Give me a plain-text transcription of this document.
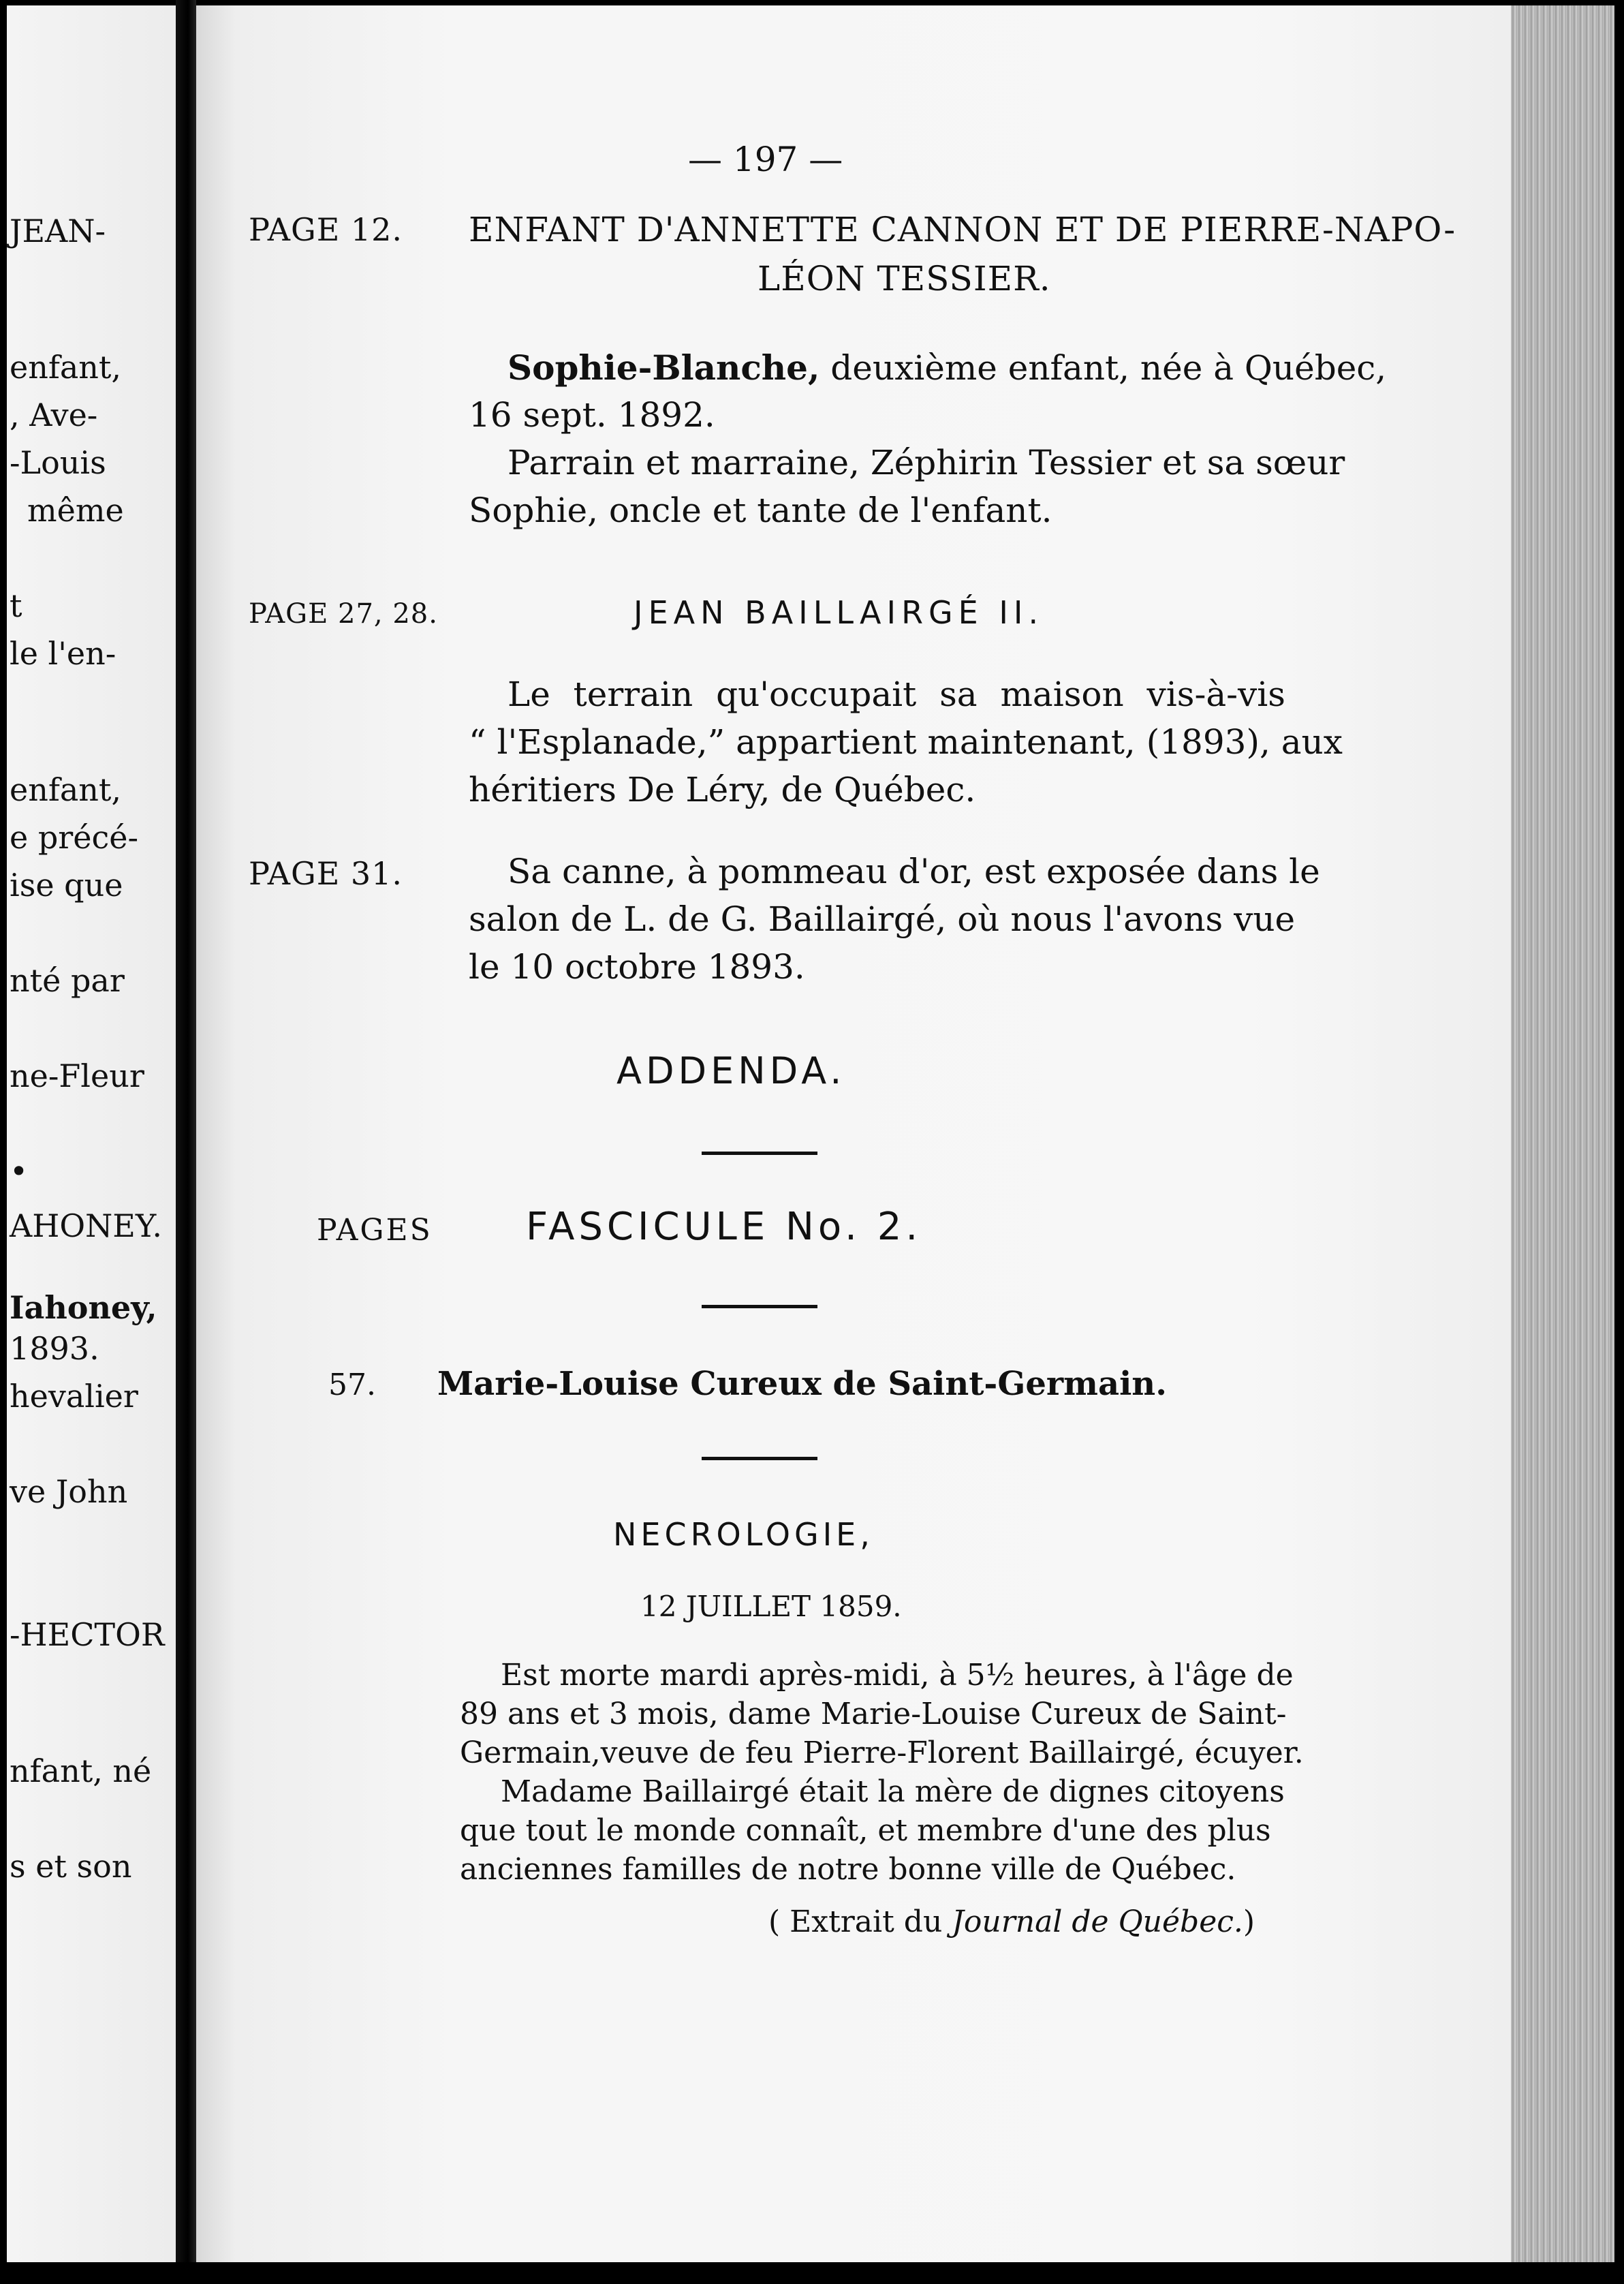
JEAN-
enfant,
, Ave-
-Louis
même
t
le l'en-
enfant,
e précé-
ise que
nté par
ne-Fleur
•
AHONEY.
Iahoney,
1893.
hevalier
ve John
-HECTOR
nfant, né
s et son
— 197 —
PAGE 12. ENFANT D'ANNETTE CANNON ET DE PIERRE-NAPO-
LÉON TESSIER.
Sophie-Blanche, deuxième enfant, née à Québec,
16 sept. 1892.
Parrain et marraine, Zéphirin Tessier et sa sœur
Sophie, oncle et tante de l'enfant.
PAGE 27, 28.	JEAN BAILLAIRGÉ II.
Le terrain qu'occupait sa maison vis-à-vis
“ l'Esplanade,” appartient maintenant, (1893), aux
héritiers De Léry, de Québec.
PAGE 31.	Sa canne, à pommeau d'or, est exposée dans le
salon de L. de G. Baillairgé, où nous l'avons vue
le 10 octobre 1893.
ADDENDA.
PAGES FASCICULE No. 2.
57. Marie-Louise Cureux de Saint-Germain.
NECROLOGIE,
12 JUILLET 1859.
Est morte mardi après-midi, à 5½ heures, à l'âge de
89 ans et 3 mois, dame Marie-Louise Cureux de Saint-
Germain,veuve de feu Pierre-Florent Baillairgé, écuyer.
Madame Baillairgé était la mère de dignes citoyens
que tout le monde connaît, et membre d'une des plus
anciennes familles de notre bonne ville de Québec.
( Extrait du Journal de Québec.)
